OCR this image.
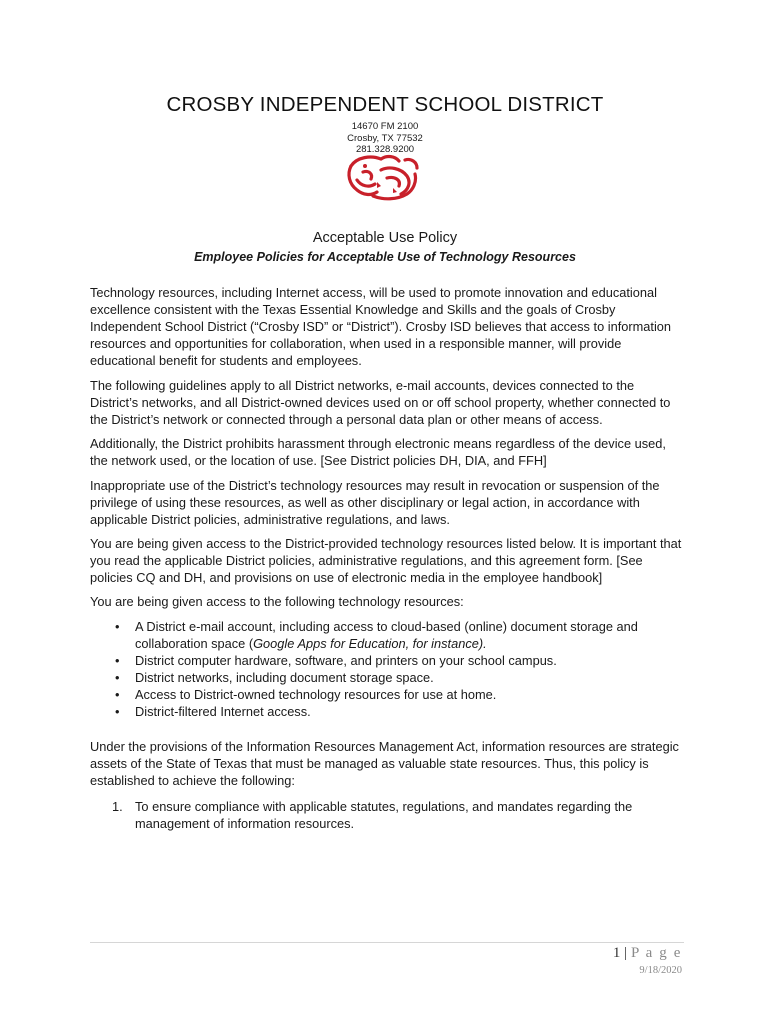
CROSBY INDEPENDENT SCHOOL DISTRICT
14670 FM 2100
Crosby, TX 77532
281.328.9200
Acceptable Use Policy
Employee Policies for Acceptable Use of Technology Resources

Technology resources, including Internet access, will be used to promote innovation and educational excellence consistent with the Texas Essential Knowledge and Skills and the goals of Crosby Independent School District (“Crosby ISD” or “District”). Crosby ISD believes that access to information resources and opportunities for collaboration, when used in a responsible manner, will provide educational benefit for students and employees.

The following guidelines apply to all District networks, e-mail accounts, devices connected to the District’s networks, and all District-owned devices used on or off school property, whether connected to the District’s network or connected through a personal data plan or other means of access.

Additionally, the District prohibits harassment through electronic means regardless of the device used, the network used, or the location of use. [See District policies DH, DIA, and FFH]

Inappropriate use of the District’s technology resources may result in revocation or suspension of the privilege of using these resources, as well as other disciplinary or legal action, in accordance with applicable District policies, administrative regulations, and laws.

You are being given access to the District-provided technology resources listed below. It is important that you read the applicable District policies, administrative regulations, and this agreement form. [See policies CQ and DH, and provisions on use of electronic media in the employee handbook]

You are being given access to the following technology resources:

• A District e-mail account, including access to cloud-based (online) document storage and collaboration space (Google Apps for Education, for instance).
• District computer hardware, software, and printers on your school campus.
• District networks, including document storage space.
• Access to District-owned technology resources for use at home.
• District-filtered Internet access.

Under the provisions of the Information Resources Management Act, information resources are strategic assets of the State of Texas that must be managed as valuable state resources. Thus, this policy is established to achieve the following:

1. To ensure compliance with applicable statutes, regulations, and mandates regarding the management of information resources.
1 | P a g e
9/18/2020
